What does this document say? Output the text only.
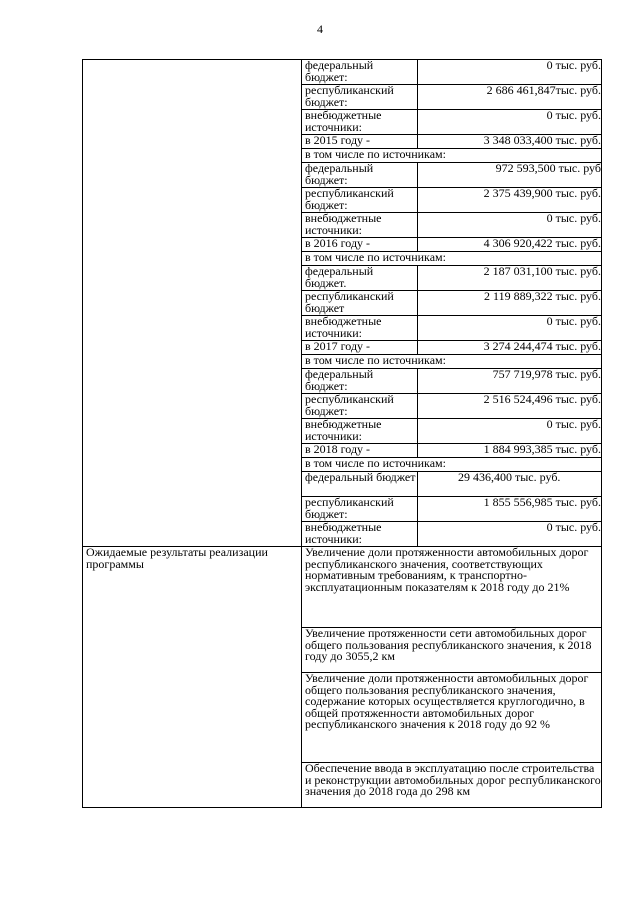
4
	федеральный бюджет:	0 тыс. руб.
	республиканский бюджет:	2 686 461,847тыс. руб.
	внебюджетные источники:	0 тыс. руб.
	в 2015 году -	3 348 033,400 тыс. руб.
	в том числе по источникам:	
	федеральный бюджет:	972 593,500 тыс. руб
	республиканский бюджет:	2 375 439,900 тыс. руб.
	внебюджетные источники:	0 тыс. руб.
	в 2016 году -	4 306 920,422 тыс. руб.
	в том числе по источникам:	
	федеральный бюджет.	2 187 031,100 тыс. руб.
	республиканский бюджет	2 119 889,322 тыс. руб.
	внебюджетные источники:	0 тыс. руб.
	в 2017 году -	3 274 244,474 тыс. руб.
	в том числе по источникам:	
	федеральный бюджет:	757 719,978 тыс. руб.
	республиканский бюджет:	2 516 524,496 тыс. руб.
	внебюджетные источники:	0 тыс. руб.
	в 2018 году -	1 884 993,385 тыс. руб.
	в том числе по источникам:	
	федеральный бюджет	29 436,400 тыс. руб.
	республиканский бюджет:	1 855 556,985 тыс. руб.
	внебюджетные источники:	0 тыс. руб.
Ожидаемые результаты реализации программы	Увеличение доли протяженности автомобильных дорог республиканского значения, соответствующих нормативным требованиям, к транспортно-эксплуатационным показателям к 2018 году до 21%	
	Увеличение протяженности сети автомобильных дорог общего пользования республиканского значения, к 2018 году до 3055,2 км	
	Увеличение доли протяженности автомобильных дорог общего пользования республиканского значения, содержание которых осуществляется круглогодично, в общей протяженности автомобильных дорог республиканского значения к 2018 году до 92 %	
	Обеспечение ввода в эксплуатацию после строительства и реконструкции автомобильных дорог республиканского значения до 2018 года до 298 км	
